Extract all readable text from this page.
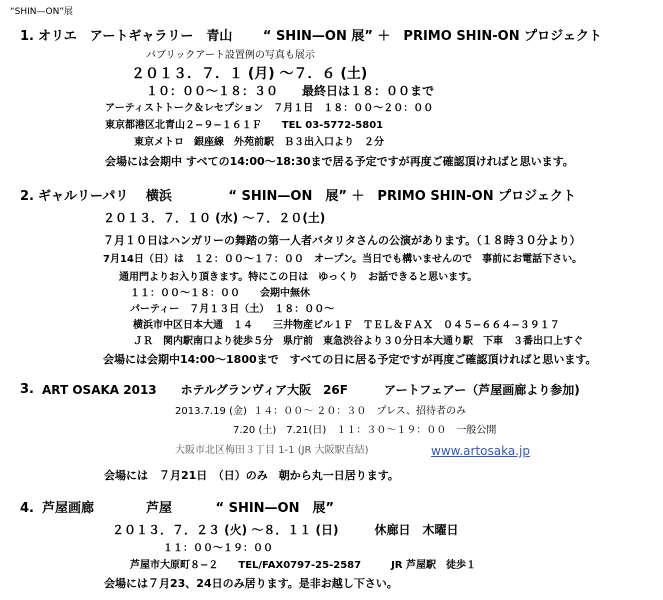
“SHIN—ON”展
1. オリエ　アートギャラリー　青山　　 “ SHIN—ON 展” ＋　PRIMO SHIN-ON プロジェクト
パブリックアート設置例の写真も展示
２０１３．７．１ (月) 〜７．６ (土)
１０：００〜１８：３０　　最終日は１８：００まで
アーティストトーク＆レセプション　７月１日　１８：００〜２０：００
東京都港区北青山２−９−１６１Ｆ　　TEL 03-5772-5801
東京メトロ　銀座線　外苑前駅　Ｂ３出入口より　２分
会場には会期中 すべての14:00〜18:30まで居る予定ですが再度ご確認頂ければと思います。
2. ギャルリーパリ　 横浜　　　　 “ SHIN—ON　展” ＋　PRIMO SHIN-ON プロジェクト
２０１３．７．１０ (水) 〜７．２０(土)
７月１０日はハンガリーの舞踏の第一人者バタリタさんの公演があります。（１８時３０分より）
7月14日（日）は　１２：００〜１７：００　オープン。当日でも構いませんので　事前にお電話下さい。
通用門よりお入り頂きます。特にこの日は　ゆっくり　お話できると思います。
１１：００〜１８：００　　会期中無休
パーティー　７月１３日（土）　１８：００〜
横浜市中区日本大通　１４　　三井物産ビル１Ｆ　ＴＥＬ＆ＦＡＸ　０４５−６６４−３９１７
ＪＲ　関内駅南口より徒歩５分　県庁前　東急渋谷より３０分日本大通り駅　下車　３番出口上すぐ
会場には会期中14:00〜1800まで　すべての日に居る予定ですが再度ご確認頂ければと思います。
3. ART OSAKA 2013　　ホテルグランヴィア大阪　26F　　　アートフェアー（芦屋画廊より参加)
2013.7.19 (金)  １４：００〜 ２０：３０　プレス、招待者のみ
7.20 (土)　7.21(日)　１１：３０〜１９：００　一般公開
大阪市北区梅田３丁目 1-1 (JR 大阪駅直結)	www.artosaka.jp
会場には　７月21日　（日）のみ　朝から丸一日居ります。
4. 芦屋画廊　　　　芦屋　　　 “ SHIN—ON　展”
２０１３．７．２３ (火) 〜８．１１ (日)　　　休廊日　木曜日
１１：００〜１９：００
芦屋市大原町８−２　　TEL/FAX0797-25-2587　　　JR 芦屋駅　徒歩１
会場には７月23、24日のみ居ります。是非お越し下さい。
